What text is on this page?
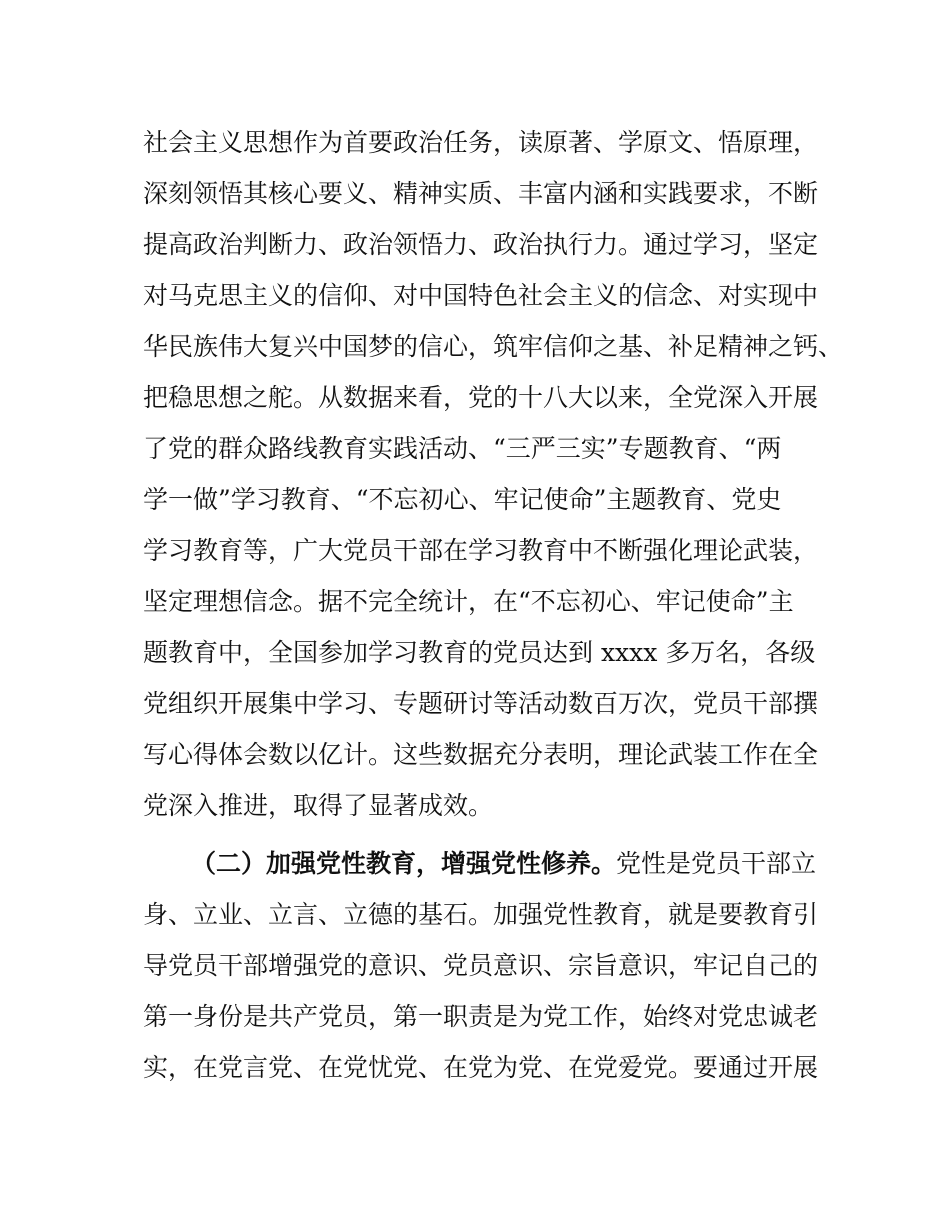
社会主义思想作为首要政治任务，读原著、学原文、悟原理，
深刻领悟其核心要义、精神实质、丰富内涵和实践要求，不断
提高政治判断力、政治领悟力、政治执行力。通过学习，坚定
对马克思主义的信仰、对中国特色社会主义的信念、对实现中
华民族伟大复兴中国梦的信心，筑牢信仰之基、补足精神之钙、
把稳思想之舵。从数据来看，党的十八大以来，全党深入开展
了党的群众路线教育实践活动、“三严三实”专题教育、“两
学一做”学习教育、“不忘初心、牢记使命”主题教育、党史
学习教育等，广大党员干部在学习教育中不断强化理论武装，
坚定理想信念。据不完全统计，在“不忘初心、牢记使命”主
题教育中，全国参加学习教育的党员达到 xxxx 多万名，各级
党组织开展集中学习、专题研讨等活动数百万次，党员干部撰
写心得体会数以亿计。这些数据充分表明，理论武装工作在全
党深入推进，取得了显著成效。
（二）加强党性教育，增强党性修养。党性是党员干部立
身、立业、立言、立德的基石。加强党性教育，就是要教育引
导党员干部增强党的意识、党员意识、宗旨意识，牢记自己的
第一身份是共产党员，第一职责是为党工作，始终对党忠诚老
实，在党言党、在党忧党、在党为党、在党爱党。要通过开展
